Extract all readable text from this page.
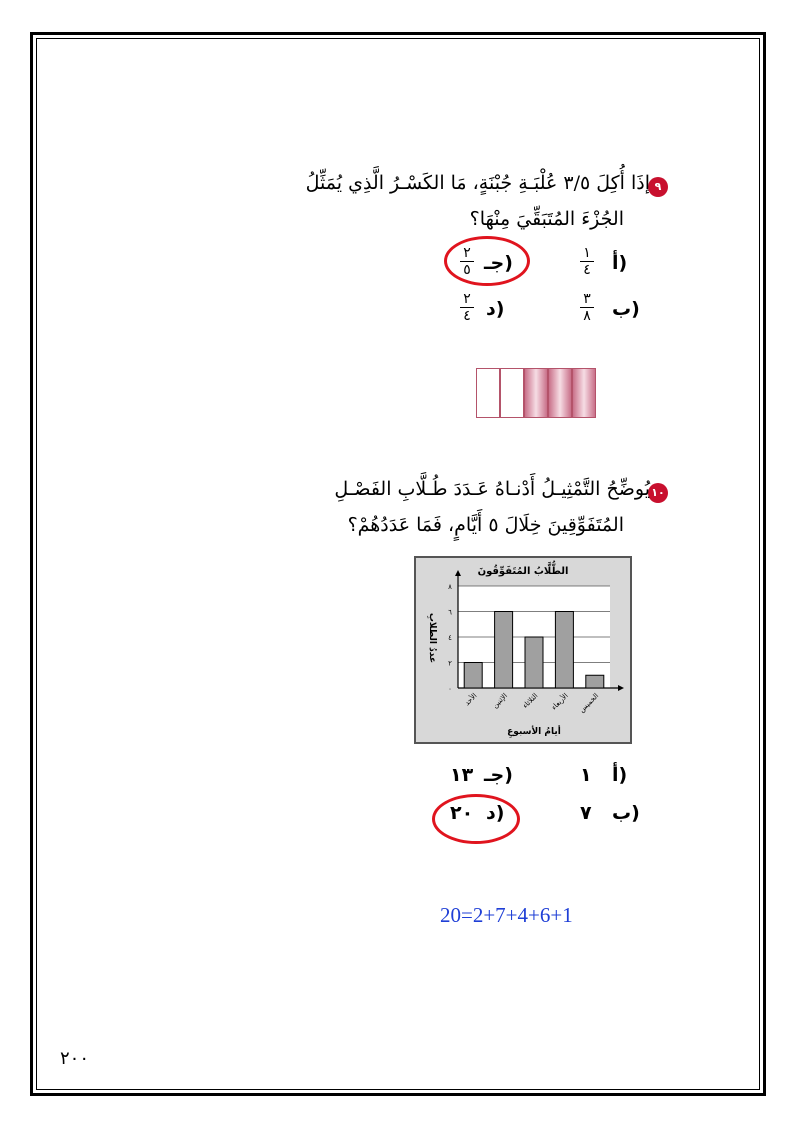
٩
إذَا أُكِلَ ٣/٥ عُلْبَـةِ جُبْنَةٍ، مَا الكَسْـرُ الَّذِي يُمَثِّلُ
الجُزْءَ المُتَبَقِّيَ مِنْهَا؟
أ)
١
٤
جـ)
٢
٥
ب)
٣
٨
د)
٢
٤
١٠
يُوضِّحُ التَّمْثِيـلُ أَدْنـاهُ عَـدَدَ طُـلَّابِ الفَصْـلِ
المُتَفَوِّقِينَ خِلَالَ ٥ أَيَّامٍ، فَمَا عَدَدُهُمْ؟
٠
٢
٤
٦
٨
الأحد الإثنين الثلاثاء الأربعاء الخميس
الطُّلَّابُ المُتَفَوِّقُونَ
أيامُ الأسبوعِ
عددُ الطلابِ
أ)
١
جـ)
١٣
ب)
٧
د)
٢٠
20=2+7+4+6+1
٢٠٠
